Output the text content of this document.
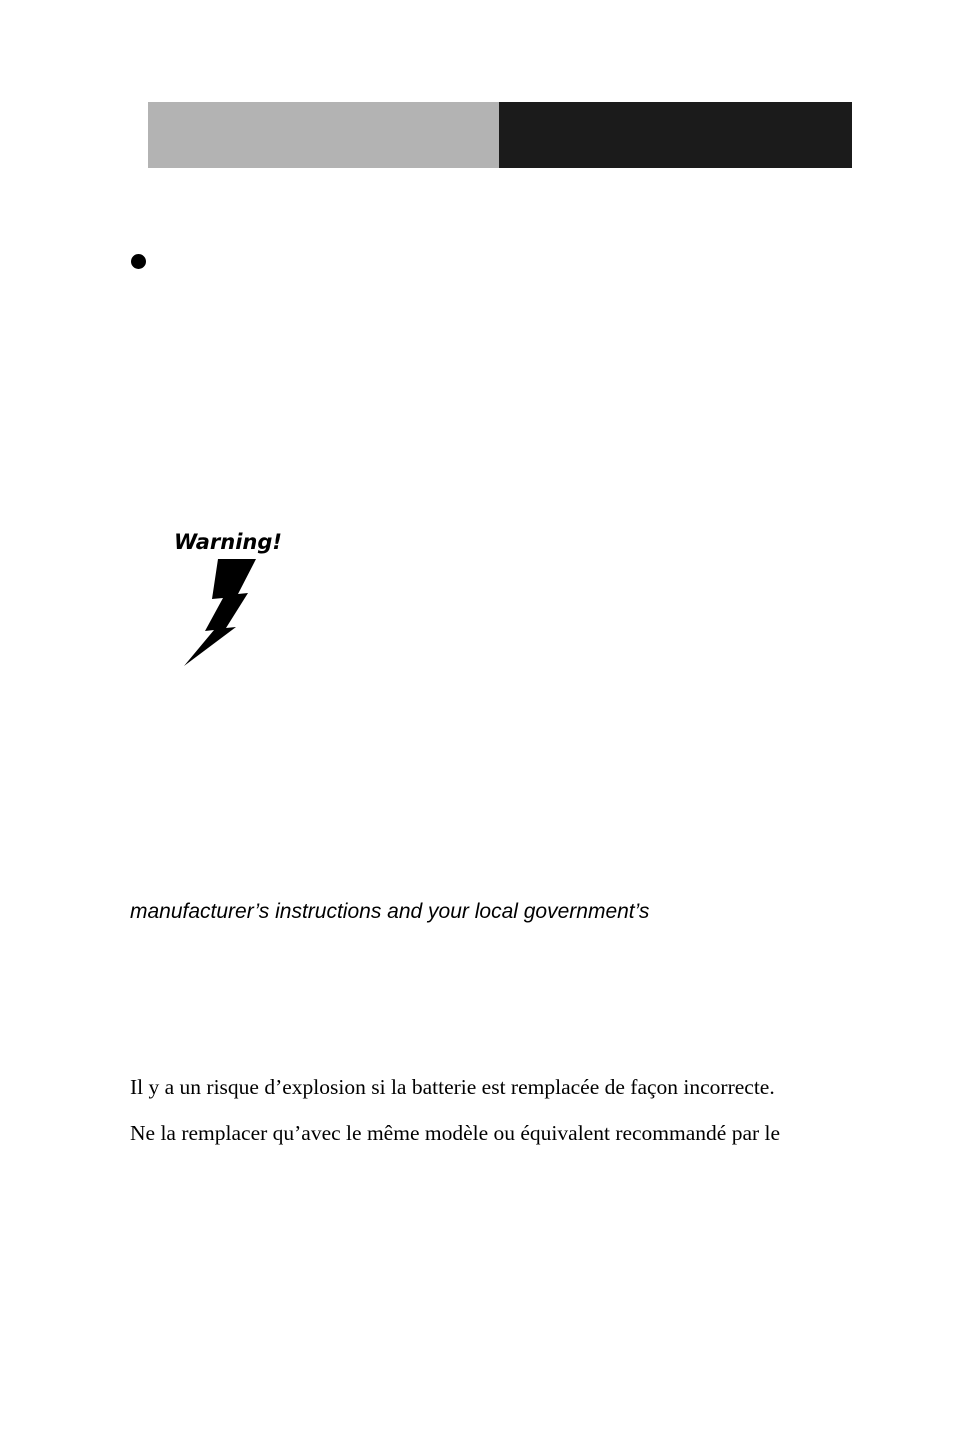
Warning!
manufacturer’s instructions and your local government’s
Il y a un risque d’explosion si la batterie est remplacée de façon incorrecte.
Ne la remplacer qu’avec le même modèle ou équivalent recommandé par le
